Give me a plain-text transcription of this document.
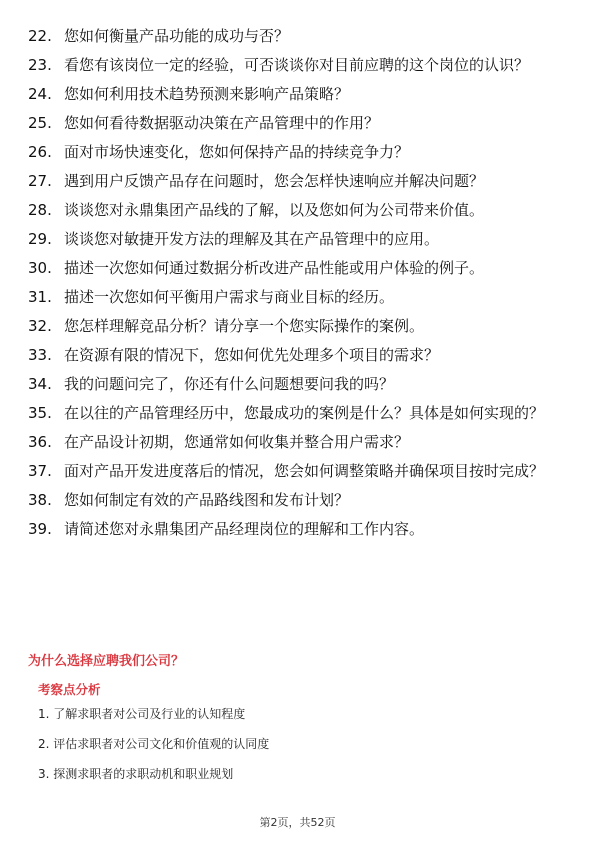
22. 您如何衡量产品功能的成功与否？
23. 看您有该岗位一定的经验，可否谈谈你对目前应聘的这个岗位的认识？
24. 您如何利用技术趋势预测来影响产品策略？
25. 您如何看待数据驱动决策在产品管理中的作用？
26. 面对市场快速变化，您如何保持产品的持续竞争力？
27. 遇到用户反馈产品存在问题时，您会怎样快速响应并解决问题？
28. 谈谈您对永鼎集团产品线的了解，以及您如何为公司带来价值。
29. 谈谈您对敏捷开发方法的理解及其在产品管理中的应用。
30. 描述一次您如何通过数据分析改进产品性能或用户体验的例子。
31. 描述一次您如何平衡用户需求与商业目标的经历。
32. 您怎样理解竞品分析？请分享一个您实际操作的案例。
33. 在资源有限的情况下，您如何优先处理多个项目的需求？
34. 我的问题问完了，你还有什么问题想要问我的吗？
35. 在以往的产品管理经历中，您最成功的案例是什么？具体是如何实现的？
36. 在产品设计初期，您通常如何收集并整合用户需求？
37. 面对产品开发进度落后的情况，您会如何调整策略并确保项目按时完成？
38. 您如何制定有效的产品路线图和发布计划？
39. 请简述您对永鼎集团产品经理岗位的理解和工作内容。
为什么选择应聘我们公司？
考察点分析
1. 了解求职者对公司及行业的认知程度
2. 评估求职者对公司文化和价值观的认同度
3. 探测求职者的求职动机和职业规划
第2页，共52页
